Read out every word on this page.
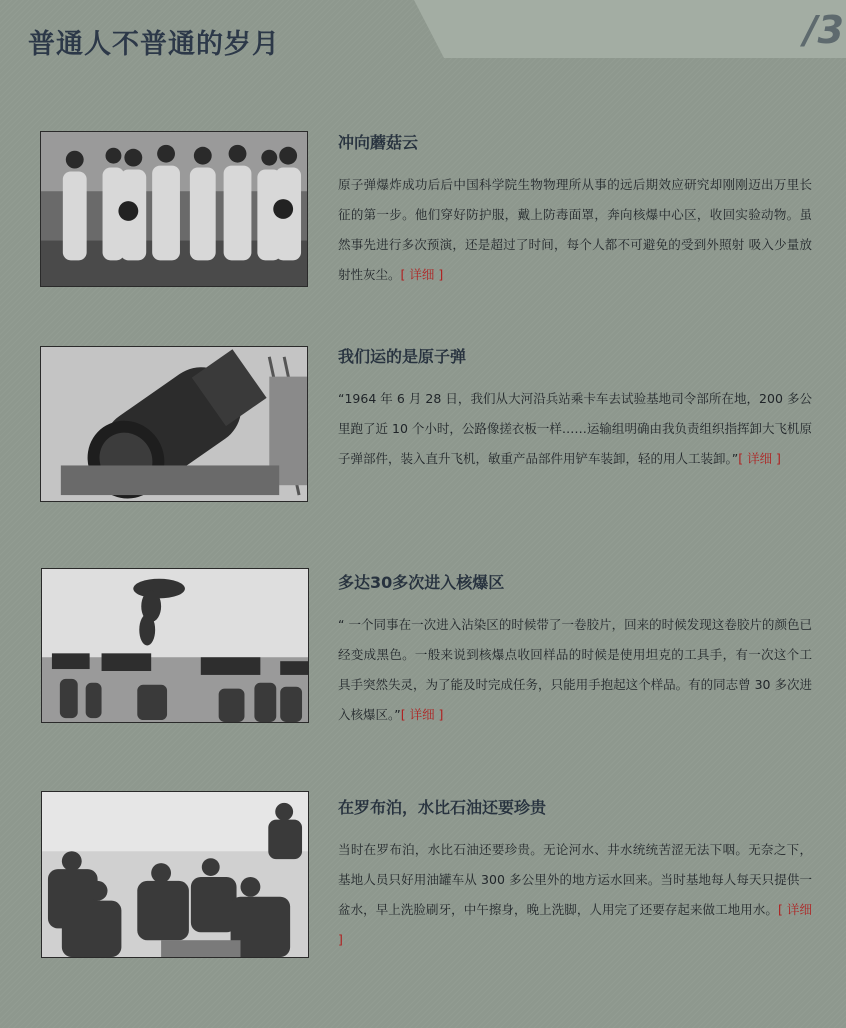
普通人不普通的岁月	/3
冲向蘑菇云
原子弹爆炸成功后后中国科学院生物物理所从事的远后期效应研究却刚刚迈出万里长征的第一步。他们穿好防护服，戴上防毒面罩，奔向核爆中心区，收回实验动物。虽然事先进行多次预演，还是超过了时间，每个人都不可避免的受到外照射 吸入少量放射性灰尘。[ 详细 ]
我们运的是原子弹
“1964 年 6 月 28 日，我们从大河沿兵站乘卡车去试验基地司令部所在地，200 多公里跑了近 10 个小时，公路像搓衣板一样……运输组明确由我负责组织指挥卸大飞机原子弹部件，装入直升飞机，敏重产品部件用铲车装卸，轻的用人工装卸。”[ 详细 ]
多达30多次进入核爆区
“ 一个同事在一次进入沾染区的时候带了一卷胶片，回来的时候发现这卷胶片的颜色已经变成黑色。一般来说到核爆点收回样品的时候是使用坦克的工具手，有一次这个工具手突然失灵，为了能及时完成任务，只能用手抱起这个样品。有的同志曾 30 多次进入核爆区。”[ 详细 ]
在罗布泊，水比石油还要珍贵
当时在罗布泊，水比石油还要珍贵。无论河水、井水统统苦涩无法下咽。无奈之下，基地人员只好用油罐车从 300 多公里外的地方运水回来。当时基地每人每天只提供一盆水，早上洗脸刷牙，中午擦身，晚上洗脚，人用完了还要存起来做工地用水。[ 详细 ]
